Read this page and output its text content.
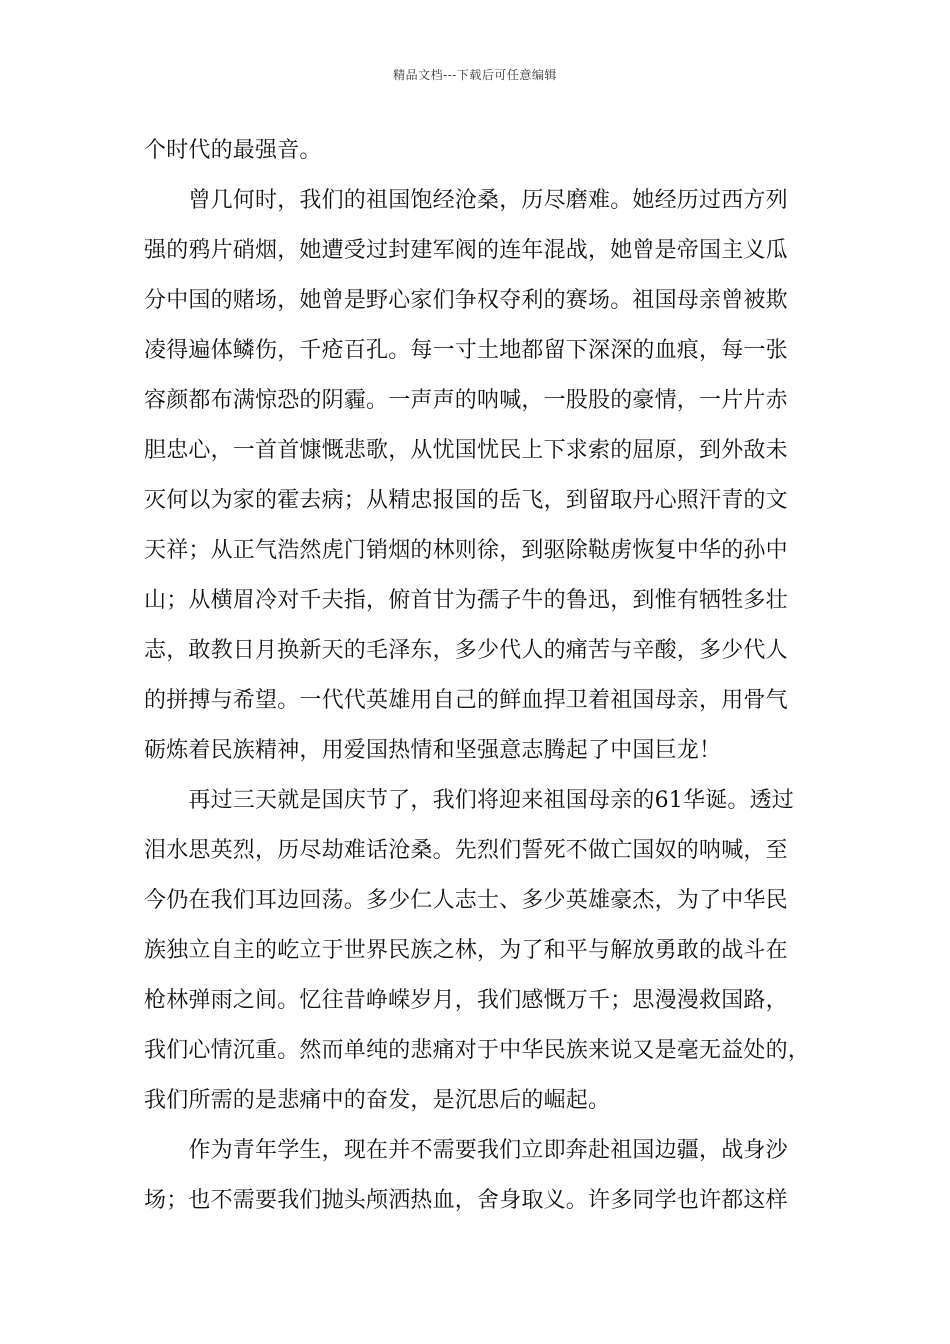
精品文档---下载后可任意编辑
个时代的最强音。
　　曾几何时，我们的祖国饱经沧桑，历尽磨难。她经历过西方列
强的鸦片硝烟，她遭受过封建军阀的连年混战，她曾是帝国主义瓜
分中国的赌场，她曾是野心家们争权夺利的赛场。祖国母亲曾被欺
凌得遍体鳞伤，千疮百孔。每一寸土地都留下深深的血痕，每一张
容颜都布满惊恐的阴霾。一声声的呐喊，一股股的豪情，一片片赤
胆忠心，一首首慷慨悲歌，从忧国忧民上下求索的屈原，到外敌未
灭何以为家的霍去病；从精忠报国的岳飞，到留取丹心照汗青的文
天祥；从正气浩然虎门销烟的林则徐，到驱除鞑虏恢复中华的孙中
山；从横眉冷对千夫指，俯首甘为孺子牛的鲁迅，到惟有牺牲多壮
志，敢教日月换新天的毛泽东，多少代人的痛苦与辛酸，多少代人
的拼搏与希望。一代代英雄用自己的鲜血捍卫着祖国母亲，用骨气
砺炼着民族精神，用爱国热情和坚强意志腾起了中国巨龙！
　　再过三天就是国庆节了，我们将迎来祖国母亲的61华诞。透过
泪水思英烈，历尽劫难话沧桑。先烈们誓死不做亡国奴的呐喊，至
今仍在我们耳边回荡。多少仁人志士、多少英雄豪杰，为了中华民
族独立自主的屹立于世界民族之林，为了和平与解放勇敢的战斗在
枪林弹雨之间。忆往昔峥嵘岁月，我们感慨万千；思漫漫救国路，
我们心情沉重。然而单纯的悲痛对于中华民族来说又是毫无益处的，
我们所需的是悲痛中的奋发，是沉思后的崛起。
　　作为青年学生，现在并不需要我们立即奔赴祖国边疆，战身沙
场；也不需要我们抛头颅洒热血，舍身取义。许多同学也许都这样
